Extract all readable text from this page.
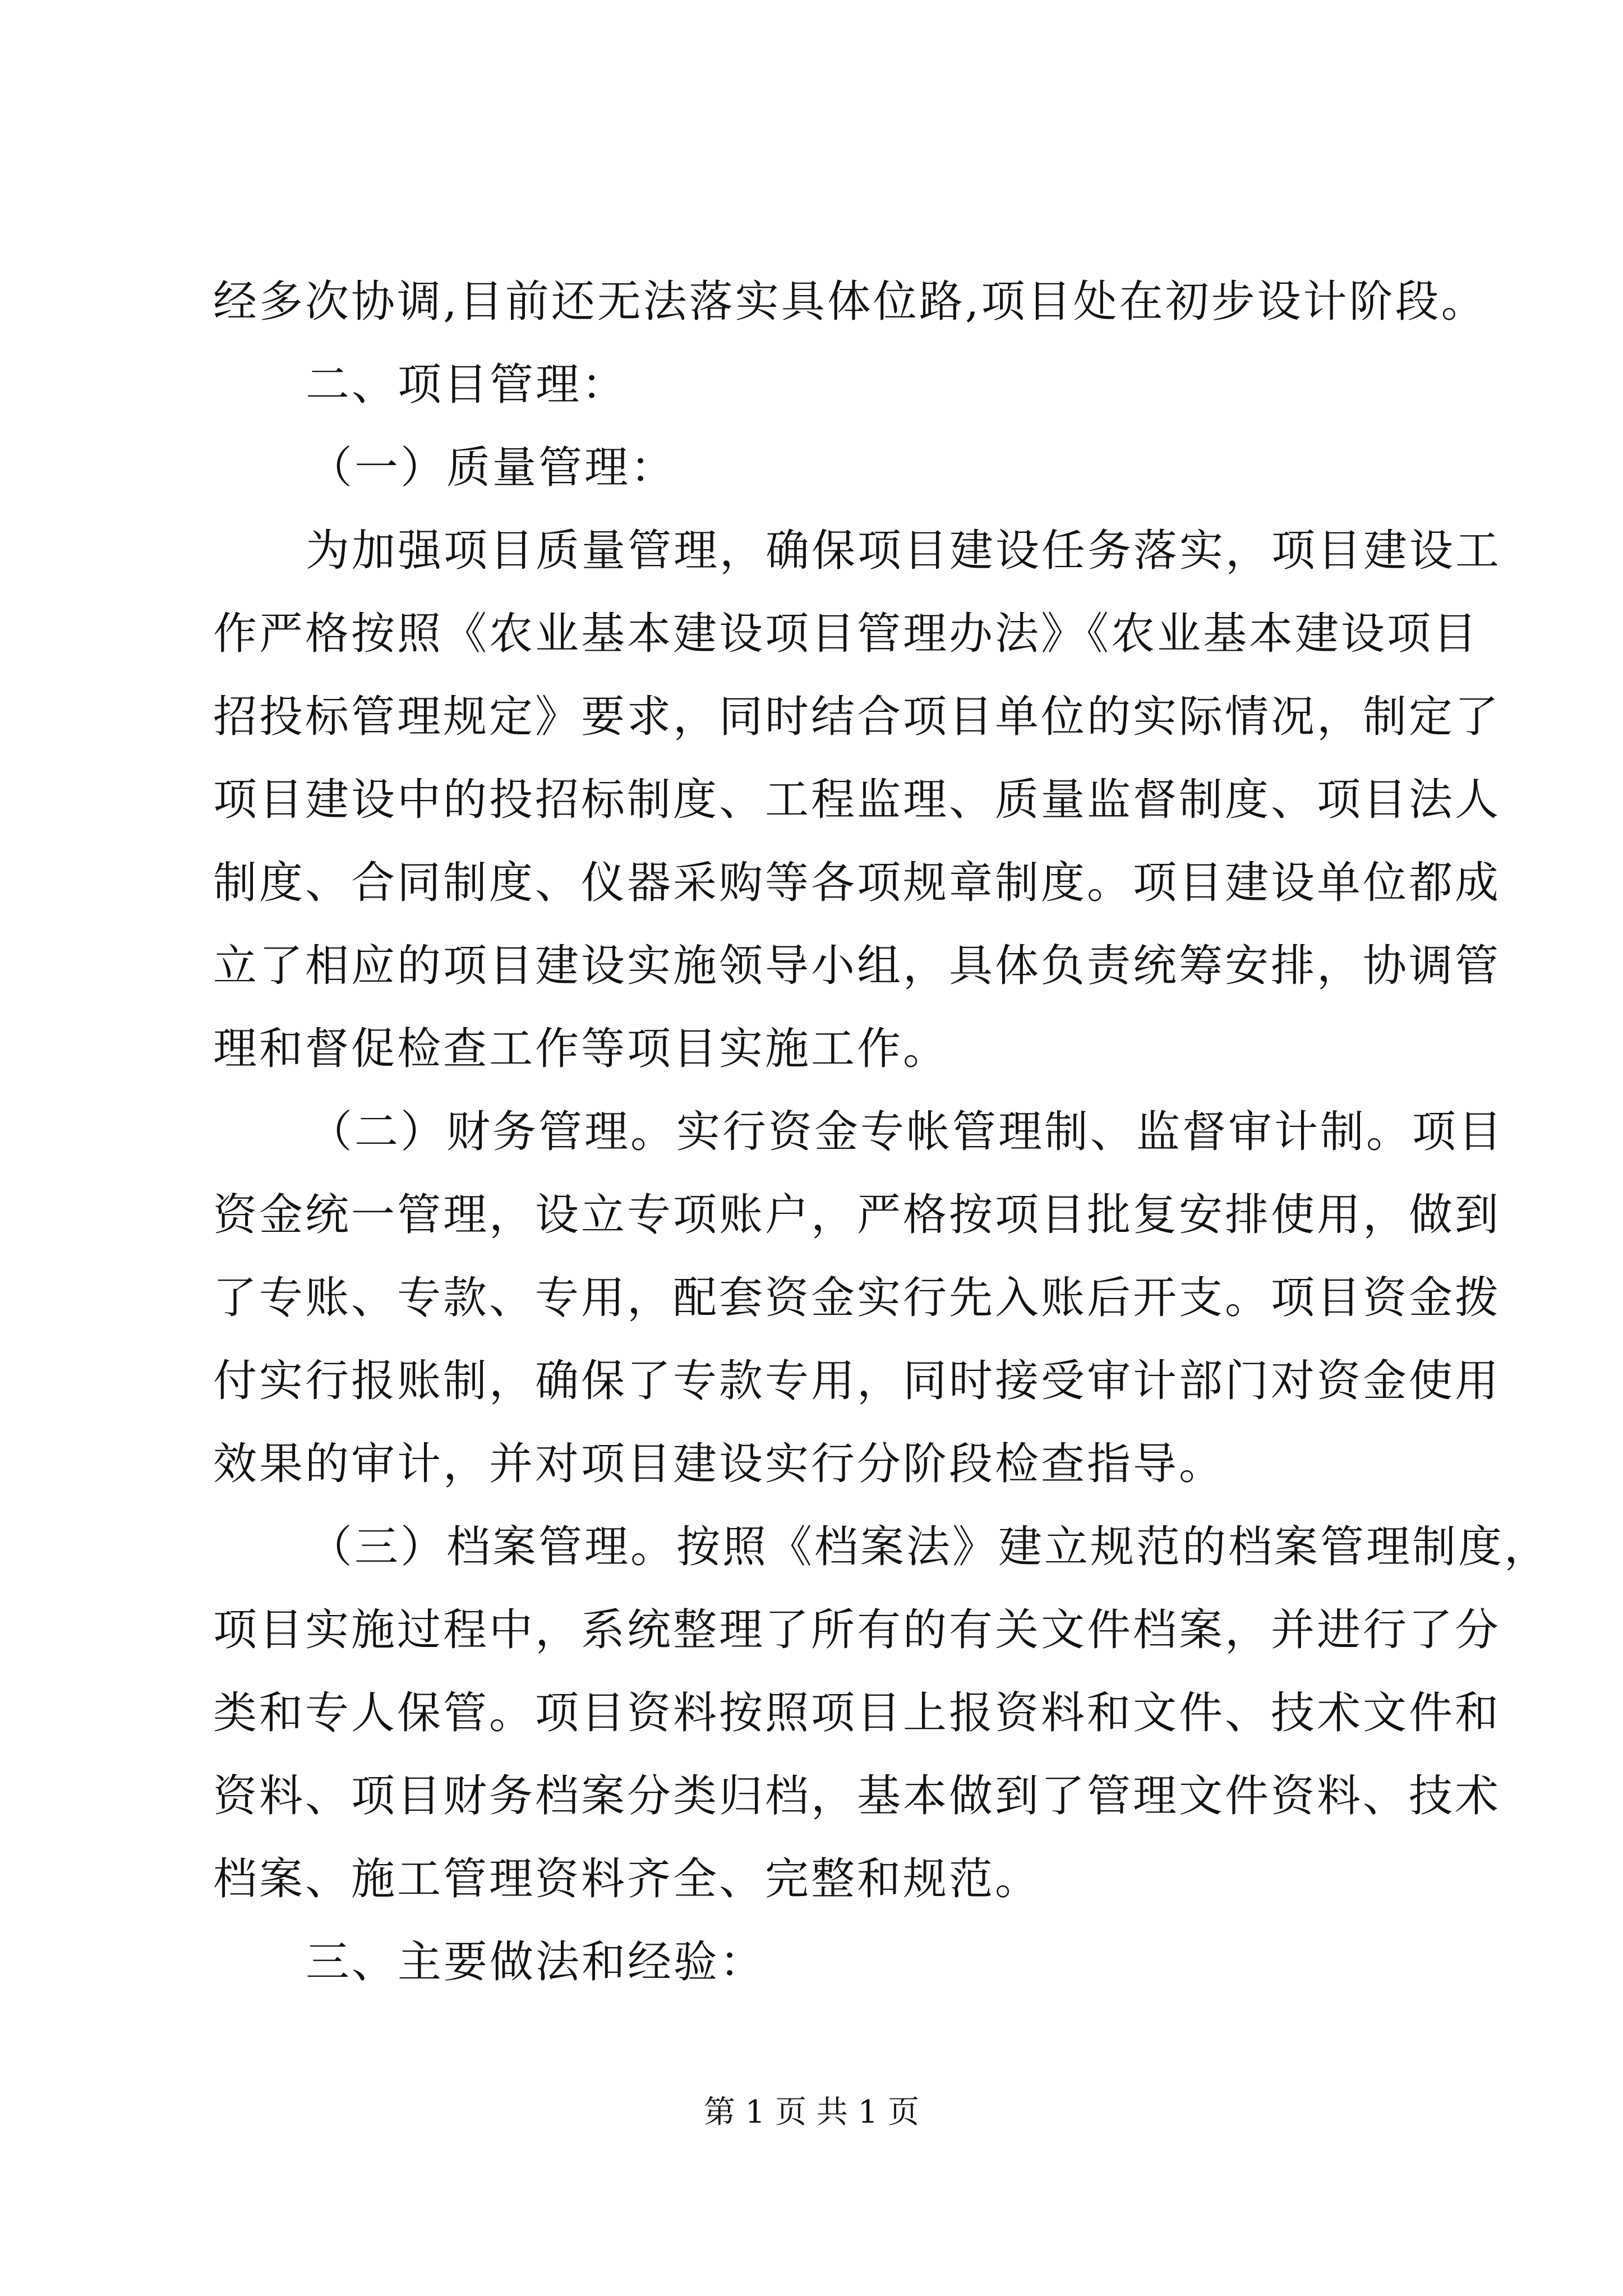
经多次协调,目前还无法落实具体位路,项目处在初步设计阶段。
二、项目管理：
（一）质量管理：
为加强项目质量管理，确保项目建设任务落实，项目建设工
作严格按照《农业基本建设项目管理办法》《农业基本建设项目
招投标管理规定》要求，同时结合项目单位的实际情况，制定了
项目建设中的投招标制度、工程监理、质量监督制度、项目法人
制度、合同制度、仪器采购等各项规章制度。项目建设单位都成
立了相应的项目建设实施领导小组，具体负责统筹安排，协调管
理和督促检查工作等项目实施工作。
（二）财务管理。实行资金专帐管理制、监督审计制。项目
资金统一管理，设立专项账户，严格按项目批复安排使用，做到
了专账、专款、专用，配套资金实行先入账后开支。项目资金拨
付实行报账制，确保了专款专用，同时接受审计部门对资金使用
效果的审计，并对项目建设实行分阶段检查指导。
（三）档案管理。按照《档案法》建立规范的档案管理制度，
项目实施过程中，系统整理了所有的有关文件档案，并进行了分
类和专人保管。项目资料按照项目上报资料和文件、技术文件和
资料、项目财务档案分类归档，基本做到了管理文件资料、技术
档案、施工管理资料齐全、完整和规范。
三、主要做法和经验：
第 1 页 共 1 页
